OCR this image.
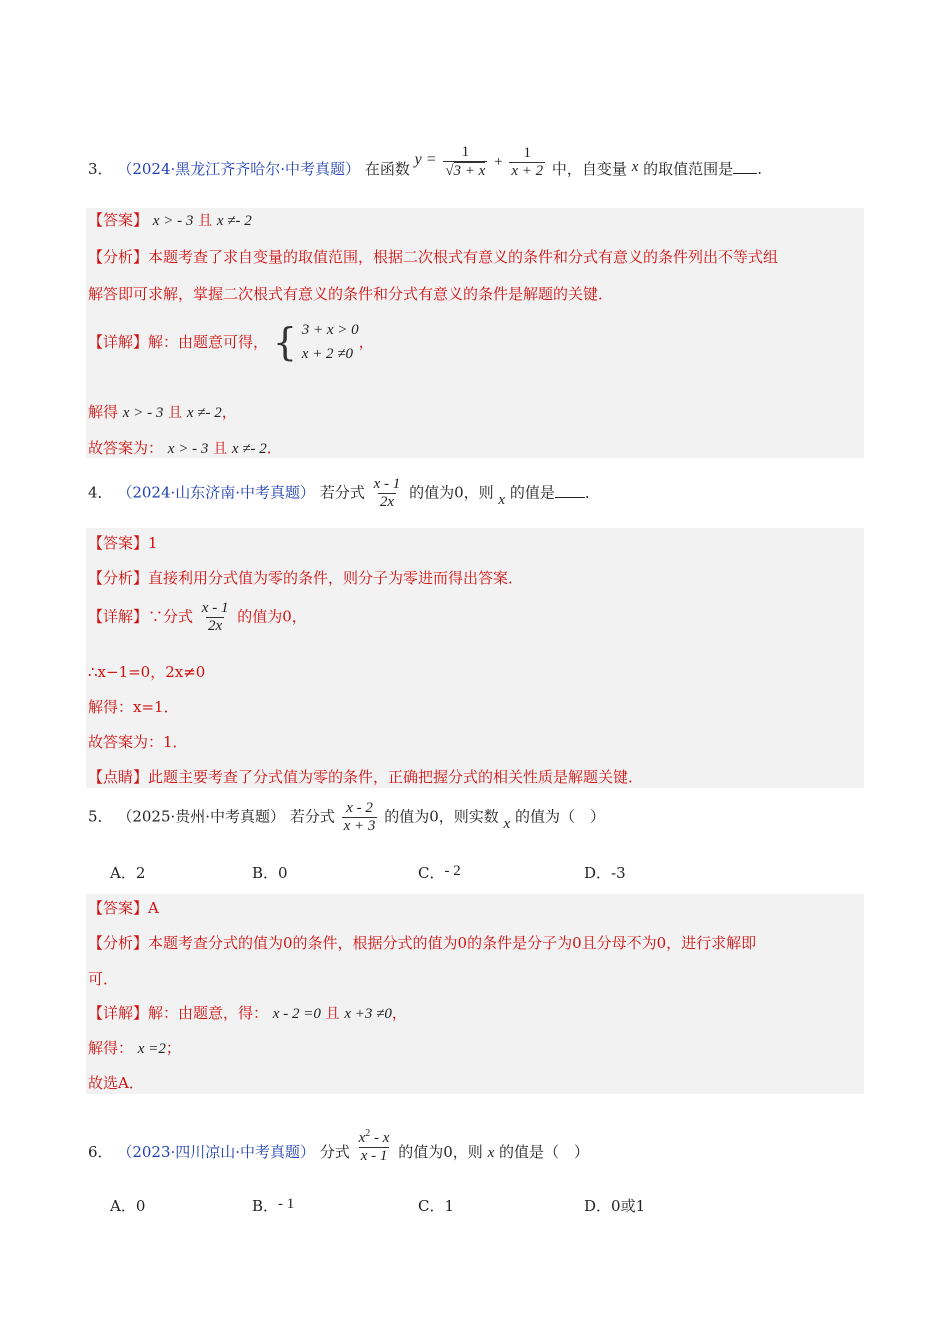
3． （2024·黑龙江齐齐哈尔·中考真题） 在函数 $y = \frac{1}{√3 + x} + \frac{1}{x + 2}$ 中，自变量 x 的取值范围是 .
【答案】 x > - 3 且 x ≠- 2
【分析】本题考查了求自变量的取值范围，根据二次根式有意义的条件和分式有意义的条件列出不等式组
解答即可求解，掌握二次根式有意义的条件和分式有意义的条件是解题的关键．
【详解】解：由题意可得， { 3 + x > 0
x + 2 ≠0
，
解得 x > - 3 且 x ≠- 2，
故答案为： x > - 3 且 x ≠- 2．
4． （2024·山东济南·中考真题） 若分式 $\frac{x - 1}{2x}$ 的值为0，则 x 的值是 ．
【答案】1
【分析】直接利用分式值为零的条件，则分子为零进而得出答案．
【详解】∵分式 $\frac{x - 1}{2x}$ 的值为0，
∴x−1=0，2x≠0
解得：x=1．
故答案为：1．
【点睛】此题主要考查了分式值为零的条件，正确把握分式的相关性质是解题关键．
5． （2025·贵州·中考真题） 若分式 $\frac{x - 2}{x + 3}$ 的值为0，则实数 x 的值为（　）
A．2	B．0	C．- 2	D．-3
【答案】A
【分析】本题考查分式的值为0的条件，根据分式的值为0的条件是分子为0且分母不为0，进行求解即
可．
【详解】解：由题意，得： x - 2 =0 且 x +3 ≠0，
解得： x =2；
故选A．
6． （2023·四川凉山·中考真题） 分式 $\frac{x^2 - x}{x - 1}$ 的值为0，则 x 的值是（　）
A．0	B．- 1	C．1	D．0或1
